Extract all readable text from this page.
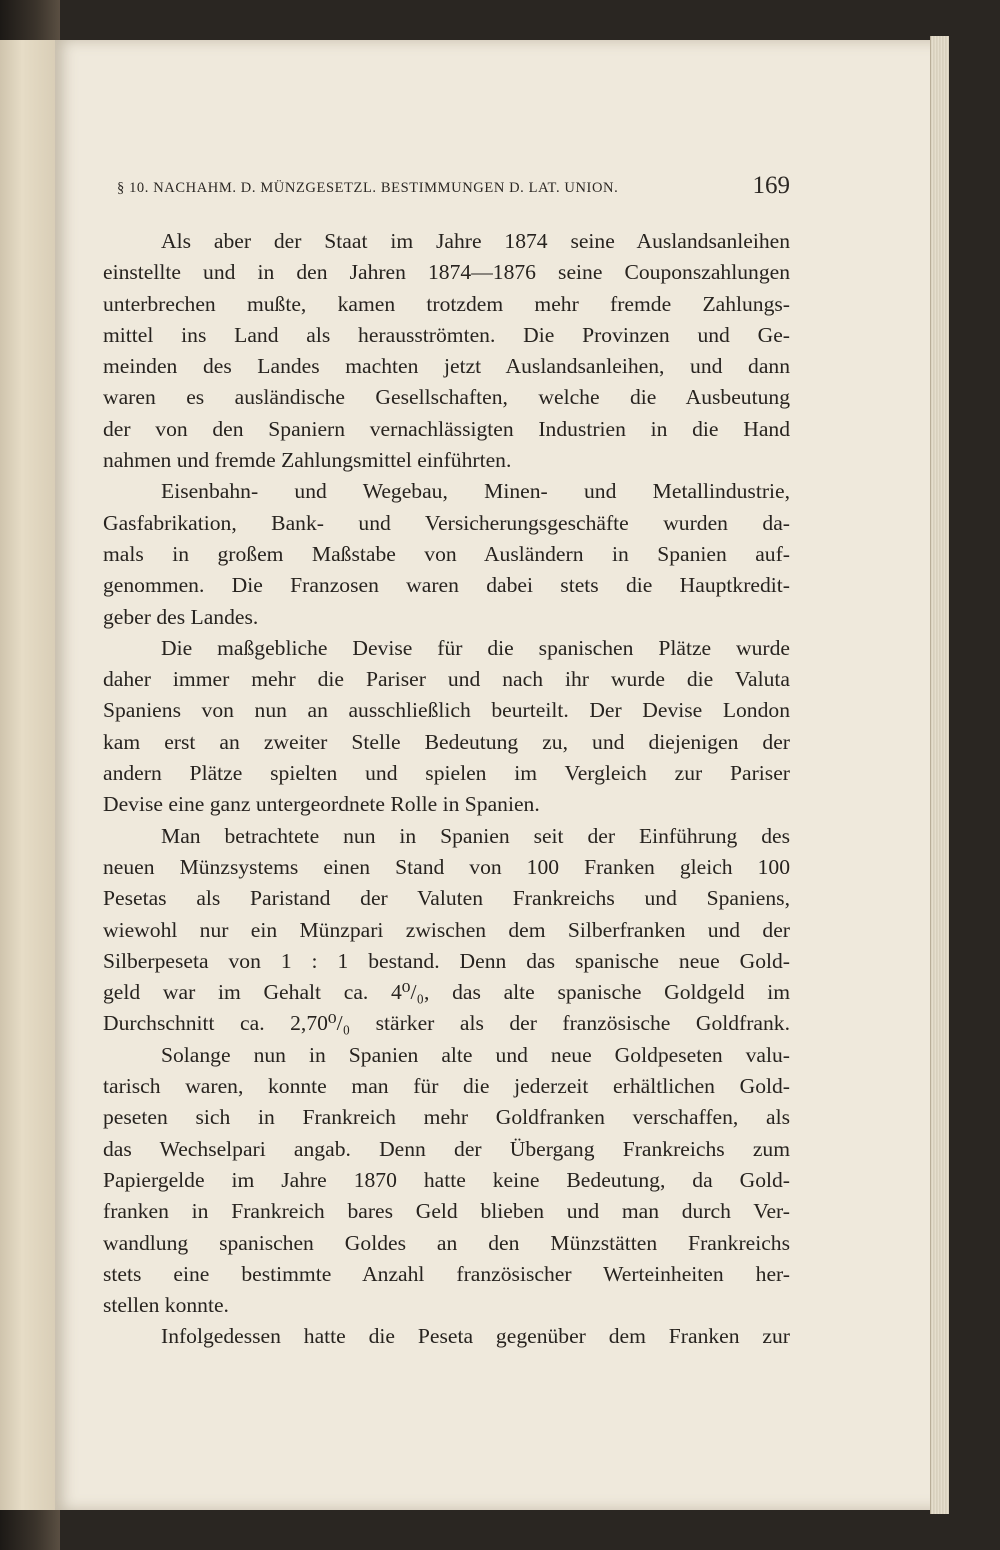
§ 10. NACHAHM. D. MÜNZGESETZL. BESTIMMUNGEN D. LAT. UNION.	169
Als aber der Staat im Jahre 1874 seine Auslandsanleihen
einstellte und in den Jahren 1874—1876 seine Couponszahlungen
unterbrechen mußte, kamen trotzdem mehr fremde Zahlungs-
mittel ins Land als herausströmten. Die Provinzen und Ge-
meinden des Landes machten jetzt Auslandsanleihen, und dann
waren es ausländische Gesellschaften, welche die Ausbeutung
der von den Spaniern vernachlässigten Industrien in die Hand
nahmen und fremde Zahlungsmittel einführten.
Eisenbahn- und Wegebau, Minen- und Metallindustrie,
Gasfabrikation, Bank- und Versicherungsgeschäfte wurden da-
mals in großem Maßstabe von Ausländern in Spanien auf-
genommen. Die Franzosen waren dabei stets die Hauptkredit-
geber des Landes.
Die maßgebliche Devise für die spanischen Plätze wurde
daher immer mehr die Pariser und nach ihr wurde die Valuta
Spaniens von nun an ausschließlich beurteilt. Der Devise London
kam erst an zweiter Stelle Bedeutung zu, und diejenigen der
andern Plätze spielten und spielen im Vergleich zur Pariser
Devise eine ganz untergeordnete Rolle in Spanien.
Man betrachtete nun in Spanien seit der Einführung des
neuen Münzsystems einen Stand von 100 Franken gleich 100
Pesetas als Paristand der Valuten Frankreichs und Spaniens,
wiewohl nur ein Münzpari zwischen dem Silberfranken und der
Silberpeseta von 1 : 1 bestand. Denn das spanische neue Gold-
geld war im Gehalt ca. 4⁰/₀, das alte spanische Goldgeld im
Durchschnitt ca. 2,70⁰/₀ stärker als der französische Goldfrank.
Solange nun in Spanien alte und neue Goldpeseten valu-
tarisch waren, konnte man für die jederzeit erhältlichen Gold-
peseten sich in Frankreich mehr Goldfranken verschaffen, als
das Wechselpari angab. Denn der Übergang Frankreichs zum
Papiergelde im Jahre 1870 hatte keine Bedeutung, da Gold-
franken in Frankreich bares Geld blieben und man durch Ver-
wandlung spanischen Goldes an den Münzstätten Frankreichs
stets eine bestimmte Anzahl französischer Werteinheiten her-
stellen konnte.
Infolgedessen hatte die Peseta gegenüber dem Franken zur
